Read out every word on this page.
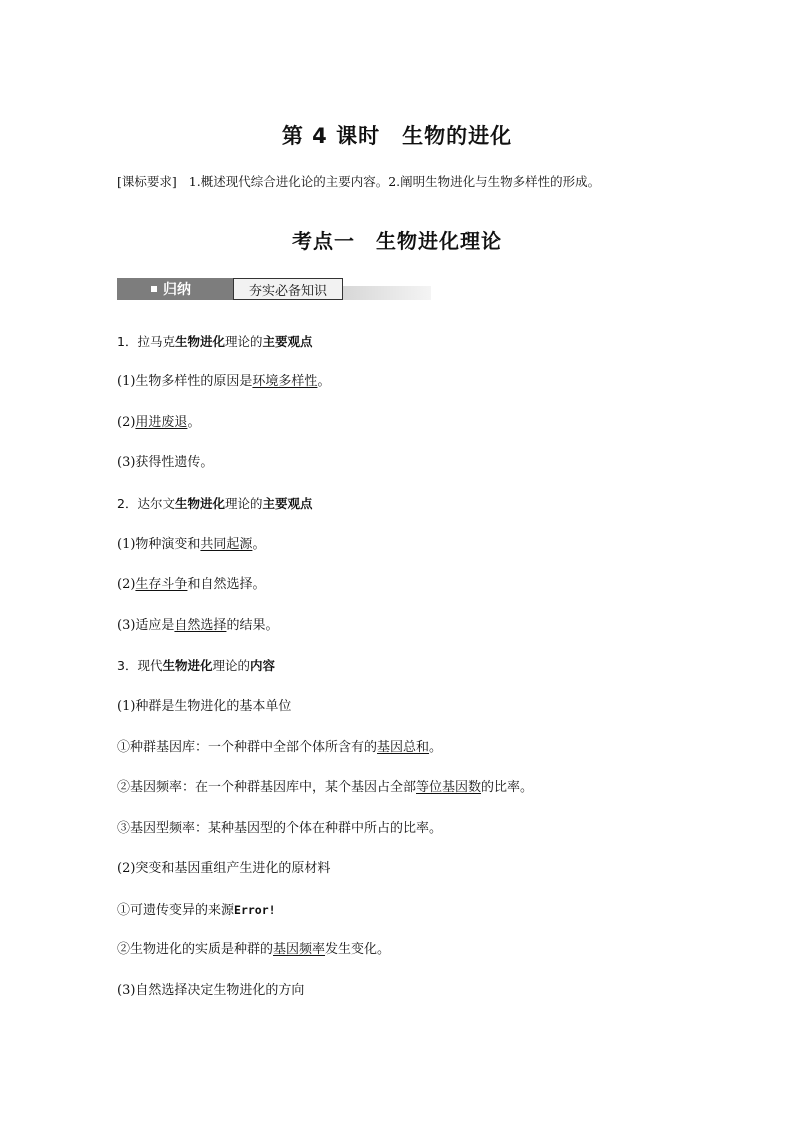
第 4 课时　生物的进化
[课标要求] 1.概述现代综合进化论的主要内容。2.阐明生物进化与生物多样性的形成。
考点一　生物进化理论
归纳	夯实必备知识
1．拉马克生物进化理论的主要观点
(1)生物多样性的原因是环境多样性。
(2)用进废退。
(3)获得性遗传。
2．达尔文生物进化理论的主要观点
(1)物种演变和共同起源。
(2)生存斗争和自然选择。
(3)适应是自然选择的结果。
3．现代生物进化理论的内容
(1)种群是生物进化的基本单位
①种群基因库：一个种群中全部个体所含有的基因总和。
②基因频率：在一个种群基因库中，某个基因占全部等位基因数的比率。
③基因型频率：某种基因型的个体在种群中所占的比率。
(2)突变和基因重组产生进化的原材料
①可遗传变异的来源Error!
②生物进化的实质是种群的基因频率发生变化。
(3)自然选择决定生物进化的方向
